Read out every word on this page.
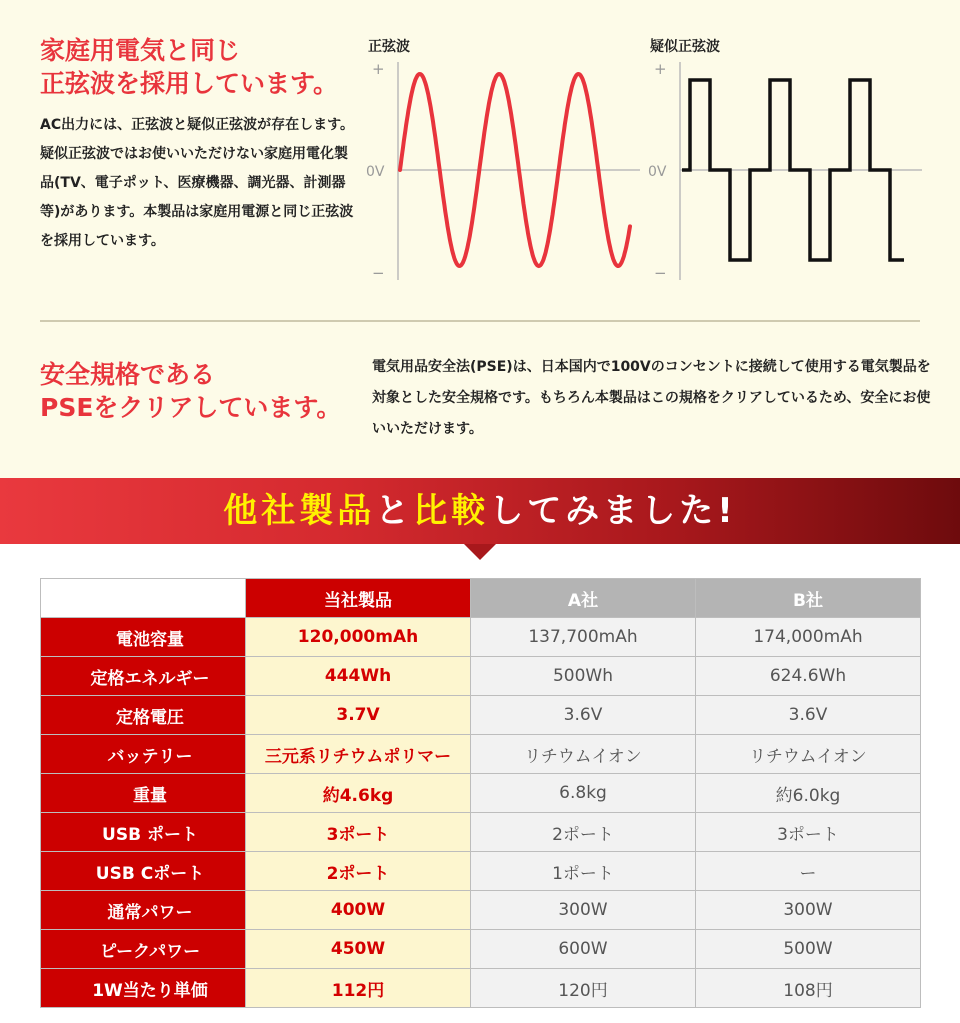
家庭用電気と同じ
正弦波を採用しています。
AC出力には、正弦波と疑似正弦波が存在します。疑似正弦波ではお使いいただけない家庭用電化製品(TV、電子ポット、医療機器、調光器、計測器等)があります。本製品は家庭用電源と同じ正弦波を採用しています。
正弦波
+
0V
−
疑似正弦波
+
0V
−
安全規格である
PSEをクリアしています。
電気用品安全法(PSE)は、日本国内で100Vのコンセントに接続して使用する電気製品を対象とした安全規格です。もちろん本製品はこの規格をクリアしているため、安全にお使いいただけます。
他社製品と比較してみました!
	当社製品	A社	B社
電池容量	120,000mAh	137,700mAh	174,000mAh
定格エネルギー	444Wh	500Wh	624.6Wh
定格電圧	3.7V	3.6V	3.6V
バッテリー	三元系リチウムポリマー	リチウムイオン	リチウムイオン
重量	約4.6kg	6.8kg	約6.0kg
USB ポート	3ポート	2ポート	3ポート
USB Cポート	2ポート	1ポート	ー
通常パワー	400W	300W	300W
ピークパワー	450W	600W	500W
1W当たり単価	112円	120円	108円
